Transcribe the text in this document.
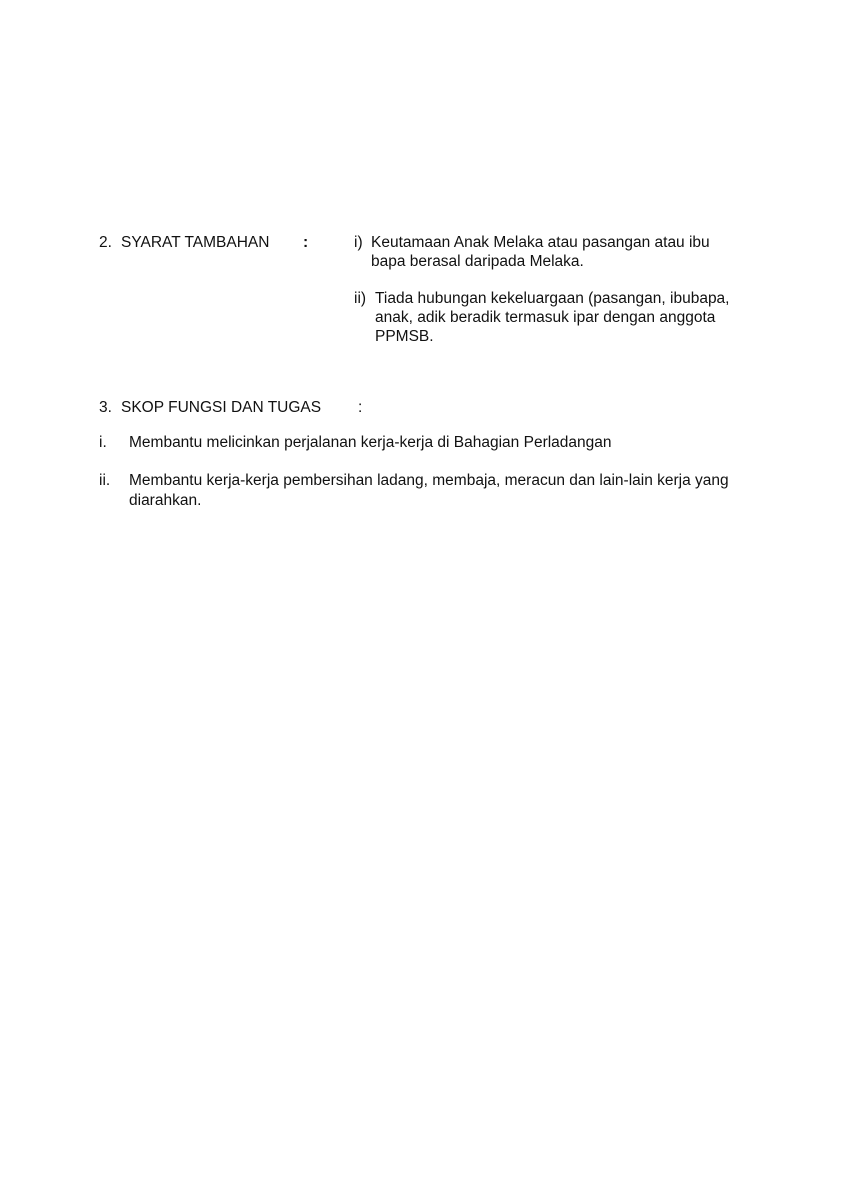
2. SYARAT TAMBAHAN :	i) Keutamaan Anak Melaka atau pasangan atau ibu
bapa berasal daripada Melaka.
ii) Tiada hubungan kekeluargaan (pasangan, ibubapa,
anak, adik beradik termasuk ipar dengan anggota
PPMSB.
3. SKOP FUNGSI DAN TUGAS :
i. Membantu melicinkan perjalanan kerja-kerja di Bahagian Perladangan
ii. Membantu kerja-kerja pembersihan ladang, membaja, meracun dan lain-lain kerja yang
diarahkan.
